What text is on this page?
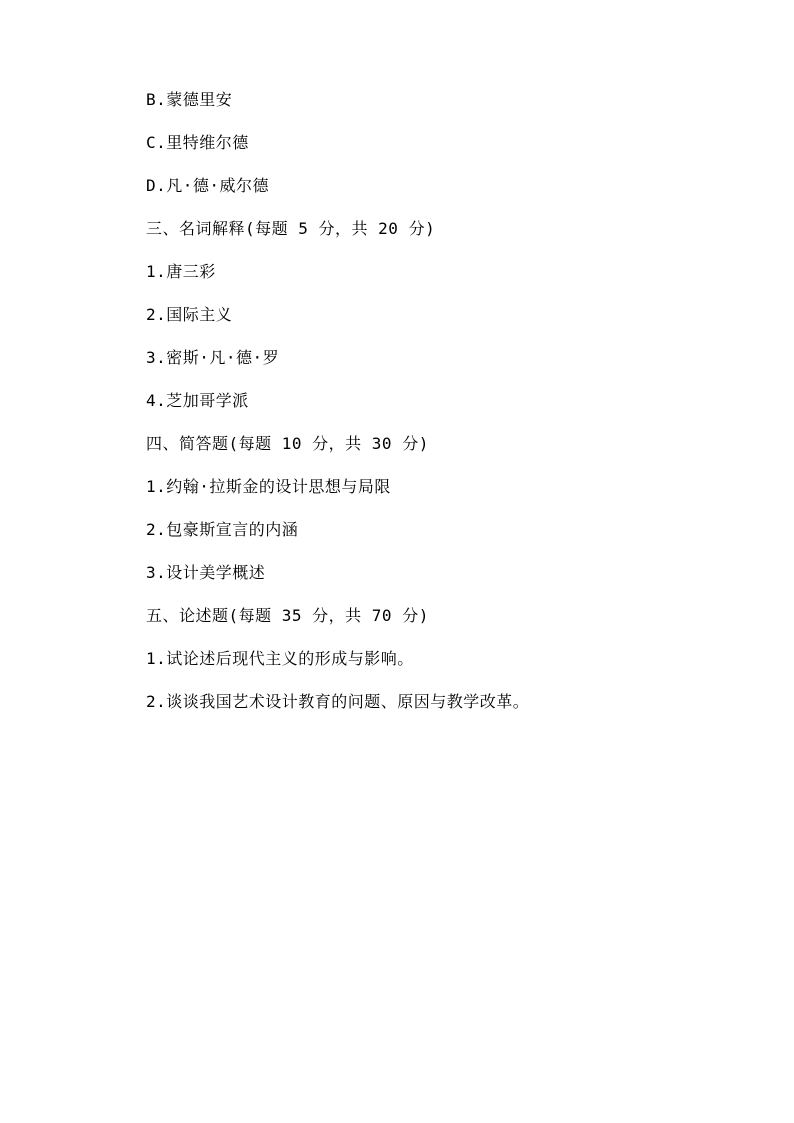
B.蒙德里安

C.里特维尔德

D.凡·德·威尔德

三、名词解释(每题 5 分，共 20 分)

1.唐三彩

2.国际主义

3.密斯·凡·德·罗

4.芝加哥学派

四、简答题(每题 10 分，共 30 分)

1.约翰·拉斯金的设计思想与局限

2.包豪斯宣言的内涵

3.设计美学概述

五、论述题(每题 35 分，共 70 分)

1.试论述后现代主义的形成与影响。

2.谈谈我国艺术设计教育的问题、原因与教学改革。
